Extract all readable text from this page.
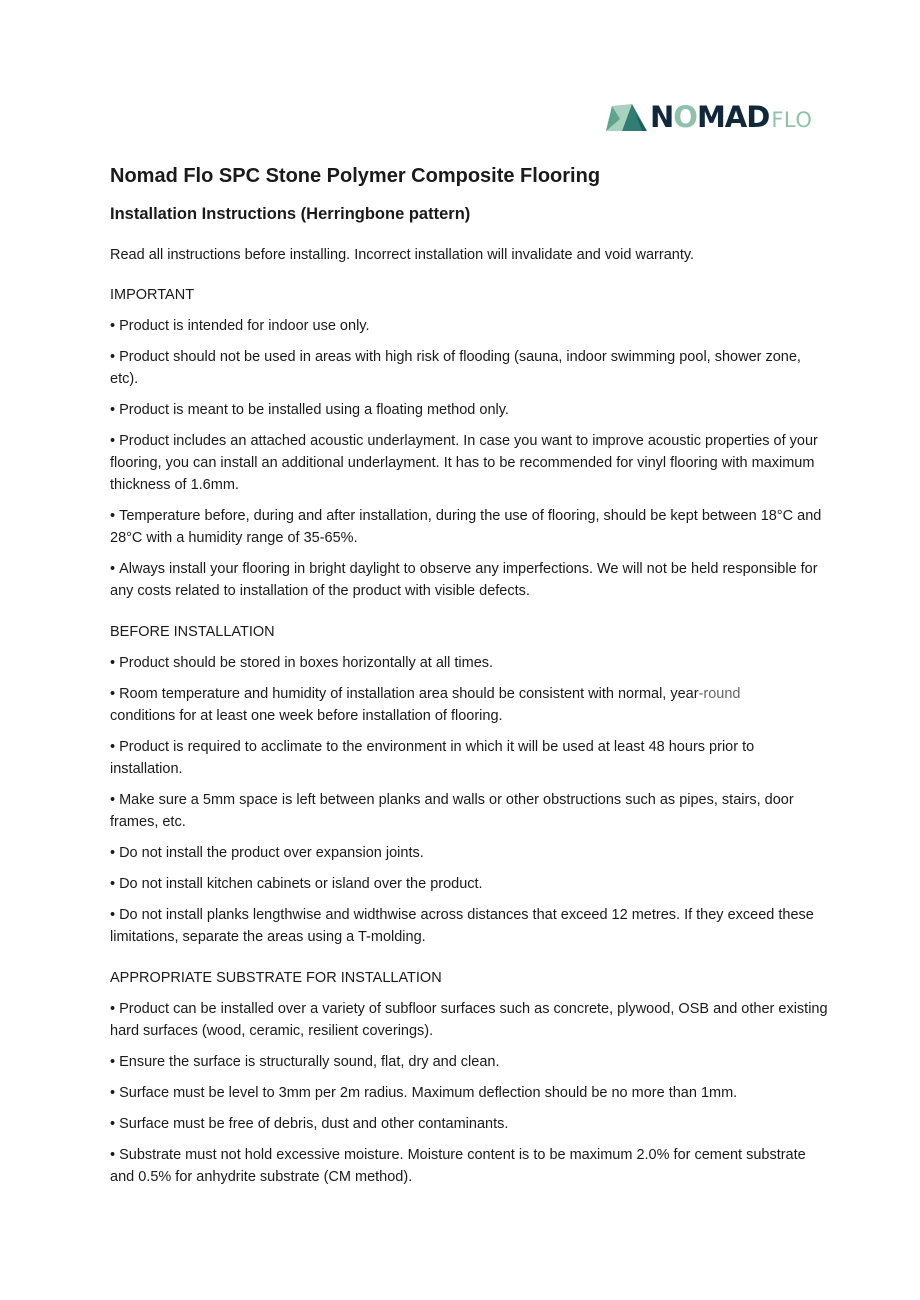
NOMADFLO
Nomad Flo SPC Stone Polymer Composite Flooring
Installation Instructions (Herringbone pattern)
Read all instructions before installing. Incorrect installation will invalidate and void warranty.
IMPORTANT
• Product is intended for indoor use only.
• Product should not be used in areas with high risk of flooding (sauna, indoor swimming pool, shower zone, etc).
• Product is meant to be installed using a floating method only.
• Product includes an attached acoustic underlayment. In case you want to improve acoustic properties of your flooring, you can install an additional underlayment. It has to be recommended for vinyl flooring with maximum thickness of 1.6mm.
• Temperature before, during and after installation, during the use of flooring, should be kept between 18°C and 28°C with a humidity range of 35-65%.
• Always install your flooring in bright daylight to observe any imperfections. We will not be held responsible for any costs related to installation of the product with visible defects.
BEFORE INSTALLATION
• Product should be stored in boxes horizontally at all times.
• Room temperature and humidity of installation area should be consistent with normal, year-round
conditions for at least one week before installation of flooring.
• Product is required to acclimate to the environment in which it will be used at least 48 hours prior to installation.
• Make sure a 5mm space is left between planks and walls or other obstructions such as pipes, stairs, door frames, etc.
• Do not install the product over expansion joints.
• Do not install kitchen cabinets or island over the product.
• Do not install planks lengthwise and widthwise across distances that exceed 12 metres. If they exceed these limitations, separate the areas using a T-molding.
APPROPRIATE SUBSTRATE FOR INSTALLATION
• Product can be installed over a variety of subfloor surfaces such as concrete, plywood, OSB and other existing hard surfaces (wood, ceramic, resilient coverings).
• Ensure the surface is structurally sound, flat, dry and clean.
• Surface must be level to 3mm per 2m radius. Maximum deflection should be no more than 1mm.
• Surface must be free of debris, dust and other contaminants.
• Substrate must not hold excessive moisture. Moisture content is to be maximum 2.0% for cement substrate and 0.5% for anhydrite substrate (CM method).
